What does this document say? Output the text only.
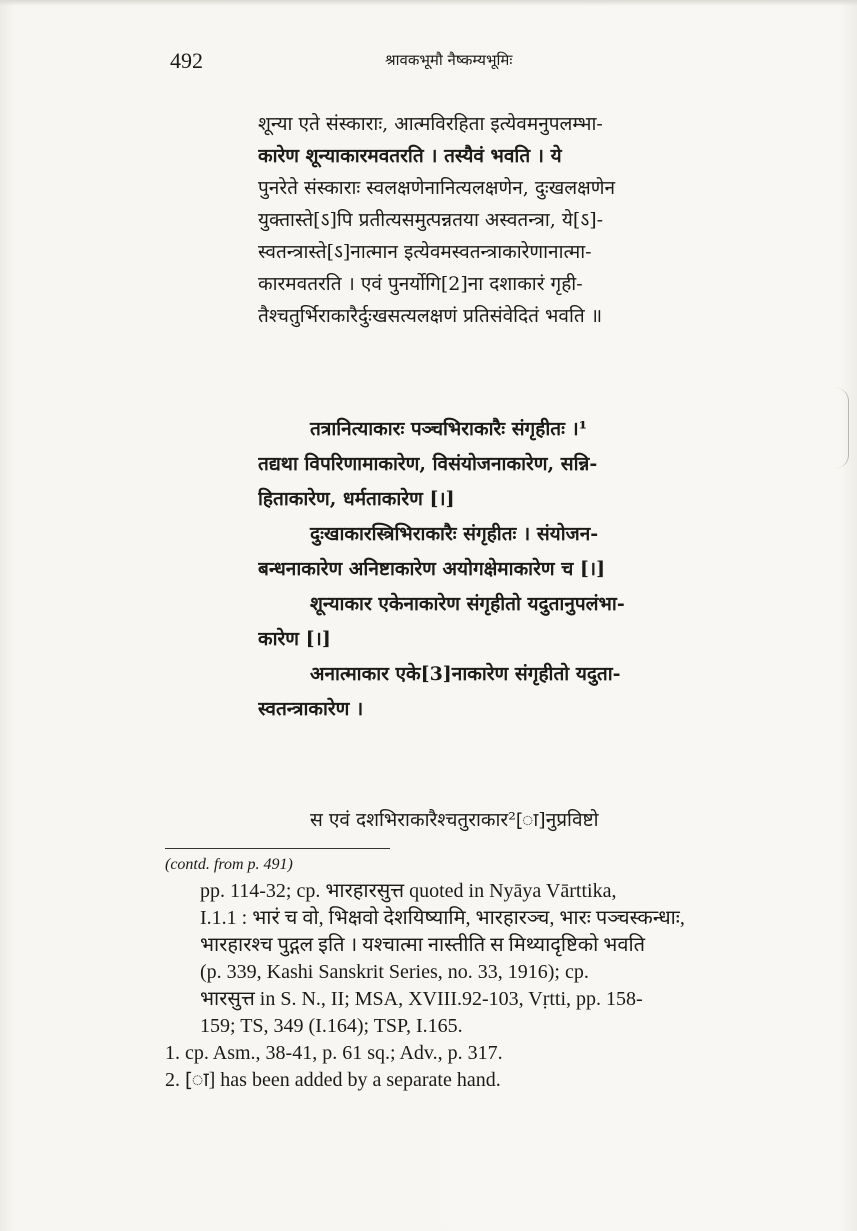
492	श्रावकभूमौ नैष्कम्यभूमिः
शून्या एते संस्काराः, आत्मविरहिता इत्येवमनुपलम्भा-
कारेण शून्याकारमवतरति । तस्यैवं भवति । ये
पुनरेते संस्काराः स्वलक्षणेनानित्यलक्षणेन, दुःखलक्षणेन
युक्तास्ते[ऽ]पि प्रतीत्यसमुत्पन्नतया अस्वतन्त्रा, ये[ऽ]-
स्वतन्त्रास्ते[ऽ]नात्मान इत्येवमस्वतन्त्राकारेणानात्मा-
कारमवतरति । एवं पुनर्योगि[2]ना दशाकारं गृही-
तैश्चतुर्भिराकारैर्दुःखसत्यलक्षणं प्रतिसंवेदितं भवति ॥
तत्रानित्याकारः पञ्चभिराकारैः संगृहीतः ।¹
तद्यथा विपरिणामाकारेण, विसंयोजनाकारेण, सन्नि-
हिताकारेण, धर्मताकारेण [।]
दुःखाकारस्त्रिभिराकारैः संगृहीतः । संयोजन-
बन्धनाकारेण अनिष्टाकारेण अयोगक्षेमाकारेण च [।]
शून्याकार एकेनाकारेण संगृहीतो यदुतानुपलंभा-
कारेण [।]
अनात्माकार एके[3]नाकारेण संगृहीतो यदुता-
स्वतन्त्राकारेण ।
स एवं दशभिराकारैश्चतुराकार²[ा]नुप्रविष्टो
(contd. from p. 491)
pp. 114-32; cp. भारहारसुत्त quoted in Nyāya Vārttika,
I.1.1 : भारं च वो, भिक्षवो देशयिष्यामि, भारहारञ्च, भारः पञ्चस्कन्धाः,
भारहारश्च पुद्गल इति । यश्चात्मा नास्तीति स मिथ्यादृष्टिको भवति
(p. 339, Kashi Sanskrit Series, no. 33, 1916); cp.
भारसुत्त in S. N., II; MSA, XVIII.92-103, Vṛtti, pp. 158-
159; TS, 349 (I.164); TSP, I.165.
1. cp. Asm., 38-41, p. 61 sq.; Adv., p. 317.
2. [ा] has been added by a separate hand.
